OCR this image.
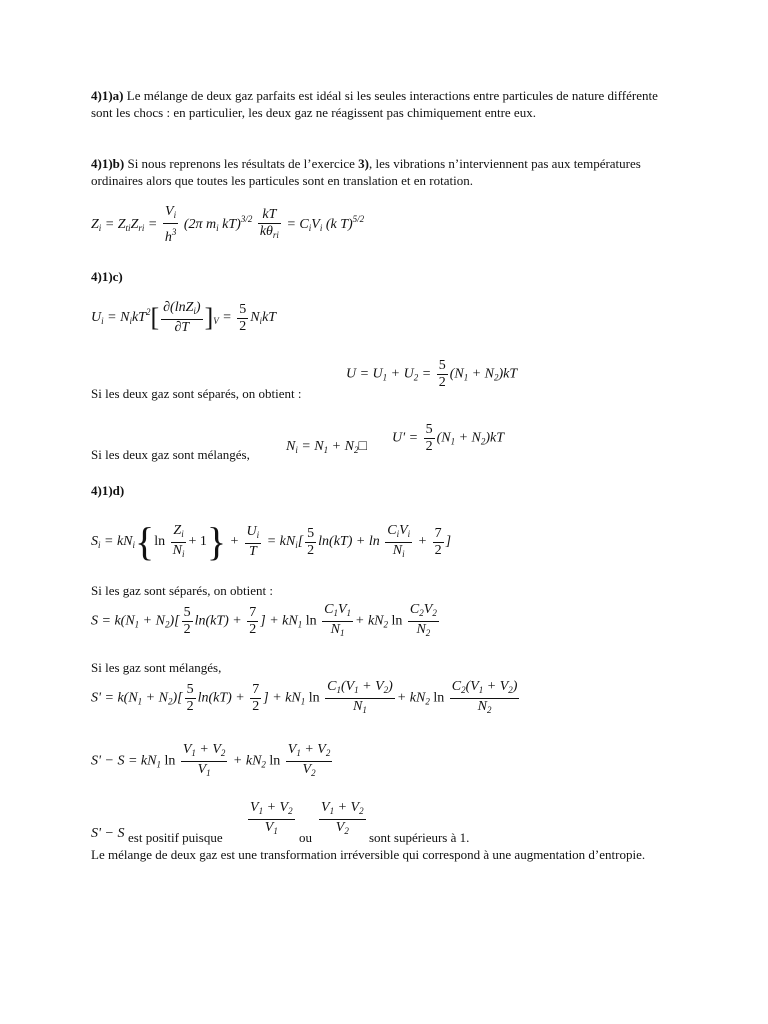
4)1)a) Le mélange de deux gaz parfaits est idéal si les seules interactions entre particules de nature différente sont les chocs : en particulier, les deux gaz ne réagissent pas chimiquement entre eux.

4)1)b) Si nous reprenons les résultats de l’exercice 3), les vibrations n’interviennent pas aux températures ordinaires alors que toutes les particules sont en translation et en rotation.

$Z_i = Z_{ti}Z_{ri} = \frac{V_i}{h^3} (2\pi$ $m_i$ kT)$^{3/2}$ kT
$k\theta_{ri}$
= $C_iV_i$ (k T)$^{5/2}$

4)1)c)

$U_i = N_ikT^2[ \frac{\partial(\ln Z_i)}{\partial T} ]_V = \frac{5}{2} N_ikT$
$U = U_1 + U_2 = \frac{5}{2} (N_1 + N_2)kT$

Si les deux gaz sont séparés, on obtient :

$U' = \frac{5}{2} (N_1 + N_2)kT$

Si les deux gaz sont mélangés,

$N_i = N_1$ + $N_2□$

4)1)d)

$S_i = kN_i\{\ln \frac{Z_i}{N_i} + 1\} + \frac{U_i}{T} = kN_i[ \frac{5}{2} \ln(kT) + \ln$
$C_iV_i$
$N_i$
+ $\frac{7}{2}$ ]

Si les gaz sont séparés, on obtient :

$S = k(N_1 + N_2)[ \frac{5}{2} \ln(kT) + \frac{7}{2}$ ] + $kN_1$ $\ln \frac{C_1V_1}{N_1} + kN_2$ $\ln \frac{C_2V_2}{N_2}$

Si les gaz sont mélangés,

$S' = k(N_1 + N_2)[ \frac{5}{2} \ln(kT) + \frac{7}{2}$ ] + $kN_1$ $\ln \frac{C_1(V_1 + V_2)}{N_1} + kN_2$ $\ln \frac{C_2(V_1 + V_2)}{N_2}$
$S' - S = kN_1$ $\ln \frac{V_1 + V_2}{V_1} + kN_2$ $\ln \frac{V_1 + V_2}{V_2}$
S' − S est positif puisque $\frac{V_1 + V_2}{V_1}$ ou $\frac{V_1 + V_2}{V_2}$ sont supérieurs à 1.

Le mélange de deux gaz est une transformation irréversible qui correspond à une augmentation d’entropie.
